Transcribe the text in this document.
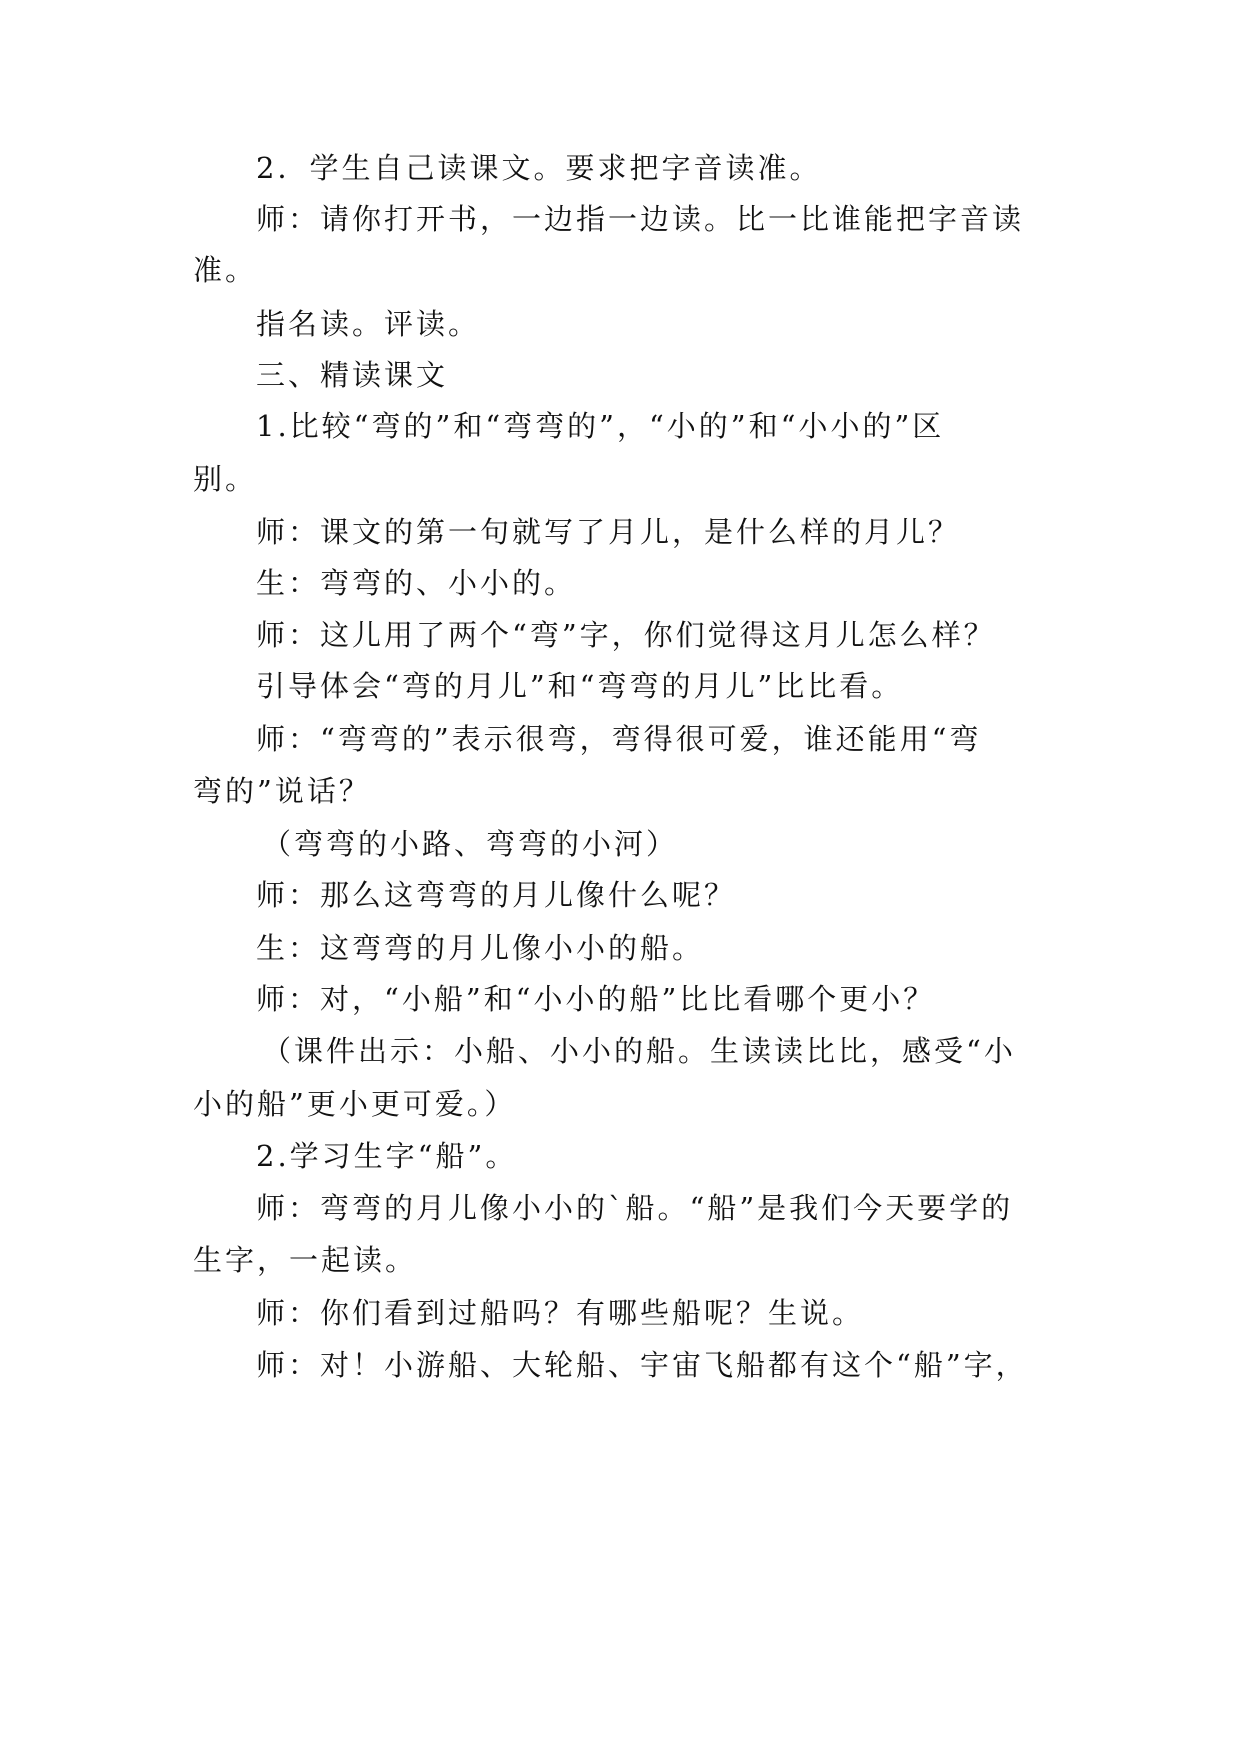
2．学生自己读课文。要求把字音读准。
师：请你打开书，一边指一边读。比一比谁能把字音读
准。
指名读。评读。
三、精读课文
1.比较“弯的”和“弯弯的”，“小的”和“小小的”区
别。
师：课文的第一句就写了月儿，是什么样的月儿？
生：弯弯的、小小的。
师：这儿用了两个“弯”字，你们觉得这月儿怎么样？
引导体会“弯的月儿”和“弯弯的月儿”比比看。
师：“弯弯的”表示很弯，弯得很可爱，谁还能用“弯
弯的”说话？
（弯弯的小路、弯弯的小河）
师：那么这弯弯的月儿像什么呢？
生：这弯弯的月儿像小小的船。
师：对，“小船”和“小小的船”比比看哪个更小？
（课件出示：小船、小小的船。生读读比比，感受“小
小的船”更小更可爱。）
2.学习生字“船”。
师：弯弯的月儿像小小的`船。“船”是我们今天要学的
生字，一起读。
师：你们看到过船吗？有哪些船呢？生说。
师：对！小游船、大轮船、宇宙飞船都有这个“船”字，
